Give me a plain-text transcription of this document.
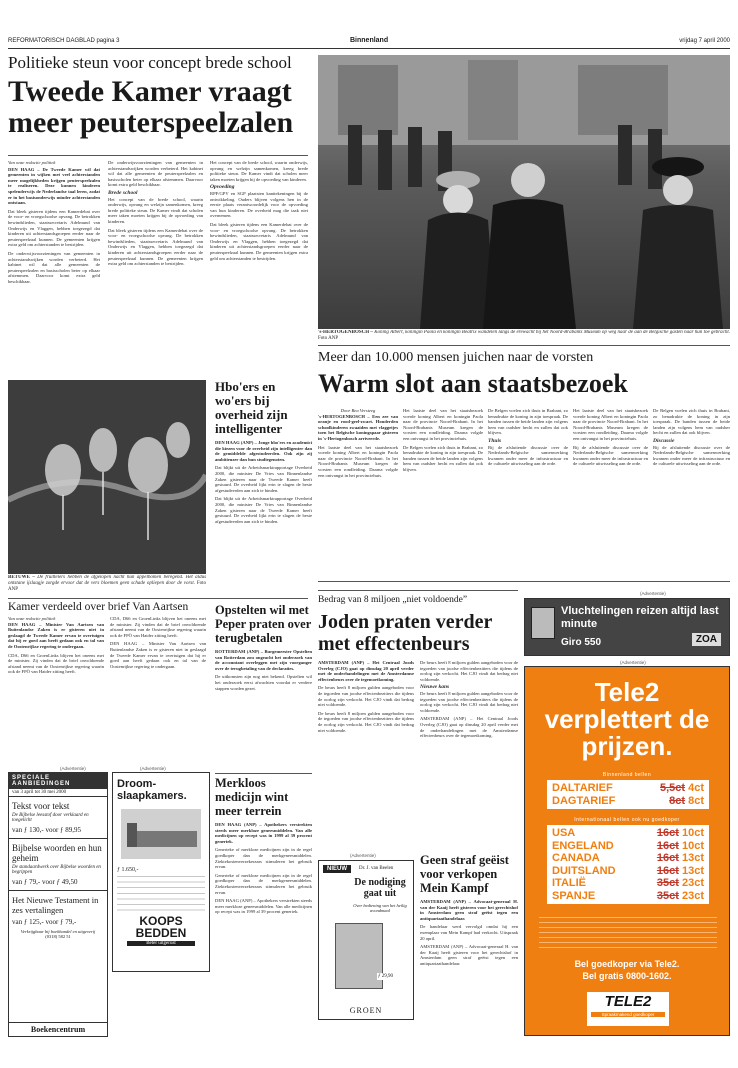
REFORMATORISCH DAGBLAD pagina 3	Binnenland	vrijdag 7 april 2000
Politieke steun voor concept brede school
Tweede Kamer vraagt meer peuterspeelzalen
Van onze redactie politiek
DEN HAAG – De Tweede Kamer wil dat gemeenten in wijken met veel achterstanden meer mogelijkheden krijgen peuterspeelzalen te realiseren. Deze kunnen kinderen spelenderwijs de Nederlandse taal leren, zodat er in het basisonderwijs minder achterstanden ontstaan.
Dat bleek gisteren tijdens een Kamerdebat over de voor- en vroegschoolse opvang. De betrokken bewindslieden, staatssecretaris Adelmund van Onderwijs en Vlaggen, hebben toegezegd dat kinderen uit achterstandsgroepen eerder naar de peuterspeelzaal kunnen. De gemeenten krijgen extra geld om achterstanden te bestrijden.
De onderwijsvoorzieningen van gemeenten in achterstandswijken worden verbeterd. Het kabinet wil dat alle gemeenten de peuterspeelzalen en basisscholen beter op elkaar afstemmen. Daarvoor komt extra geld beschikbaar.
De onderwijsvoorzieningen van gemeenten in achterstandswijken worden verbeterd. Het kabinet wil dat alle gemeenten de peuterspeelzalen en basisscholen beter op elkaar afstemmen. Daarvoor komt extra geld beschikbaar.
Brede school
Het concept van de brede school, waarin onderwijs, opvang en welzijn samenkomen, kreeg brede politieke steun. De Kamer vindt dat scholen meer taken moeten krijgen bij de opvoeding van kinderen.
Dat bleek gisteren tijdens een Kamerdebat over de voor- en vroegschoolse opvang. De betrokken bewindslieden, staatssecretaris Adelmund van Onderwijs en Vlaggen, hebben toegezegd dat kinderen uit achterstandsgroepen eerder naar de peuterspeelzaal kunnen. De gemeenten krijgen extra geld om achterstanden te bestrijden.
Het concept van de brede school, waarin onderwijs, opvang en welzijn samenkomen, kreeg brede politieke steun. De Kamer vindt dat scholen meer taken moeten krijgen bij de opvoeding van kinderen.
Opvoeding
RPF/GPV en SGP plaatsten kanttekeningen bij de ontwikkeling. Ouders blijven volgens hen in de eerste plaats verantwoordelijk voor de opvoeding van hun kinderen. De overheid mag die taak niet overnemen.
Dat bleek gisteren tijdens een Kamerdebat over de voor- en vroegschoolse opvang. De betrokken bewindslieden, staatssecretaris Adelmund van Onderwijs en Vlaggen, hebben toegezegd dat kinderen uit achterstandsgroepen eerder naar de peuterspeelzaal kunnen. De gemeenten krijgen extra geld om achterstanden te bestrijden.
's-HERTOGENBOSCH – Koning Albert, koningin Paola en koningin Beatrix wandelen langs de erewacht bij het Noord-Brabants Museum op weg naar de aan de Belgische gasten naar hun toe gebracht. Foto ANP
Meer dan 10.000 mensen juichen naar de vorsten
Warm slot aan staatsbezoek
Door Bea Versteeg
's-HERTOGENBOSCH – Een zee van oranje en rood-geel-zwart. Honderden schoolkinderen zwaaiden met vlaggetjes toen het Belgische koningspaar gisteren in 's-Hertogenbosch arriveerde.
Het laatste deel van het staatsbezoek voerde koning Albert en koningin Paola naar de provincie Noord-Brabant. In het Noord-Brabants Museum kregen de vorsten een rondleiding. Daarna volgde een ontvangst in het provinciehuis.
Het laatste deel van het staatsbezoek voerde koning Albert en koningin Paola naar de provincie Noord-Brabant. In het Noord-Brabants Museum kregen de vorsten een rondleiding. Daarna volgde een ontvangst in het provinciehuis.
De Belgen voelen zich thuis in Brabant, zo benadrukte de koning in zijn toespraak. De banden tussen de beide landen zijn volgens hem van oudsher hecht en zullen dat ook blijven.
De Belgen voelen zich thuis in Brabant, zo benadrukte de koning in zijn toespraak. De banden tussen de beide landen zijn volgens hem van oudsher hecht en zullen dat ook blijven.
Thuis
Bij de afsluitende discussie over de Nederlands-Belgische samenwerking kwamen onder meer de infrastructuur en de culturele uitwisseling aan de orde.
Het laatste deel van het staatsbezoek voerde koning Albert en koningin Paola naar de provincie Noord-Brabant. In het Noord-Brabants Museum kregen de vorsten een rondleiding. Daarna volgde een ontvangst in het provinciehuis.
Bij de afsluitende discussie over de Nederlands-Belgische samenwerking kwamen onder meer de infrastructuur en de culturele uitwisseling aan de orde.
De Belgen voelen zich thuis in Brabant, zo benadrukte de koning in zijn toespraak. De banden tussen de beide landen zijn volgens hem van oudsher hecht en zullen dat ook blijven.
Discussie
Bij de afsluitende discussie over de Nederlands-Belgische samenwerking kwamen onder meer de infrastructuur en de culturele uitwisseling aan de orde.
BETUWE – De fruittelers hebben de afgelopen nacht hun appelbomen beregend. Het aldus ontstane ijslaagje zorgde ervoor dat de vers bloemen geen schade opliepen door de vorst. Foto ANP
Hbo'ers en wo'ers bij overheid zijn intelligenter
DEN HAAG (ANP) – Jonge hbo'ers en academici die kiezen voor de overheid zijn intelligenter dan de gemiddelde afgestudeerden. Ook zijn zij ambitieuzer dan hun studiegenoten.
Dat blijkt uit de Arbeidsmarktrapportage Overheid 2000, die minister De Vries van Binnenlandse Zaken gisteren naar de Tweede Kamer heeft gestuurd. De overheid lijkt erin te slagen de beste afgestudeerden aan zich te binden.
Dat blijkt uit de Arbeidsmarktrapportage Overheid 2000, die minister De Vries van Binnenlandse Zaken gisteren naar de Tweede Kamer heeft gestuurd. De overheid lijkt erin te slagen de beste afgestudeerden aan zich te binden.
Kamer verdeeld over brief Van Aartsen
Van onze redactie politiek
DEN HAAG – Minister Van Aartsen van Buitenlandse Zaken is er gisteren niet in geslaagd de Tweede Kamer ervan te overtuigen dat hij er goed aan heeft gedaan ook en tal van de Oostenrijkse regering te ondergaan.
CDA, D66 en GroenLinks blijven het oneens met de minister. Zij vinden dat de brief onvoldoende afstand neemt van de Oostenrijkse regering waarin ook de FPÖ van Haider zitting heeft.
CDA, D66 en GroenLinks blijven het oneens met de minister. Zij vinden dat de brief onvoldoende afstand neemt van de Oostenrijkse regering waarin ook de FPÖ van Haider zitting heeft.
DEN HAAG – Minister Van Aartsen van Buitenlandse Zaken is er gisteren niet in geslaagd de Tweede Kamer ervan te overtuigen dat hij er goed aan heeft gedaan ook en tal van de Oostenrijkse regering te ondergaan.
Opstelten wil met Peper praten over terugbetalen
ROTTERDAM (ANP) – Burgemeester Opstelten van Rotterdam zou ongeacht het onderzoek van de accountant overleggen met zijn voorganger over de terugbetaling van de declaraties.
De uitkomsten zijn nog niet bekend. Opstelten wil het onderzoek eerst afwachten voordat er verdere stappen worden gezet.
Merkloos medicijn wint meer terrein
DEN HAAG (ANP) – Apothekers verstrekten steeds meer merkloze geneesmiddelen. Van alle medicijnen op recept was in 1999 al 39 procent generiek.
Generieke of merkloze medicijnen zijn in de regel goedkoper dan de merkgeneesmiddelen. Ziektekostenverzekeraars stimuleren het gebruik ervan.
Generieke of merkloze medicijnen zijn in de regel goedkoper dan de merkgeneesmiddelen. Ziektekostenverzekeraars stimuleren het gebruik ervan.
DEN HAAG (ANP) – Apothekers verstrekten steeds meer merkloze geneesmiddelen. Van alle medicijnen op recept was in 1999 al 39 procent generiek.
(Advertentie)
SPECIALE AANBIEDINGEN
van 3 april tot 30 mei 2000
Tekst voor tekst
De Bijbelse leesstof door verklaard en toegelicht
van ƒ 130,- voor ƒ 89,95
Bijbelse woorden en hun geheim
De standaardwerk over Bijbelse woorden en begrippen
van ƒ 79,- voor ƒ 49,50
Het Nieuwe Testament in zes vertalingen
van ƒ 125,- voor ƒ 79,-
Verkrijgbaar bij boekhandel en uitgeverij
(0318) 582 51
Boekencentrum
(Advertentie)
Droom-slaapkamers.
ƒ 1.650,-
KOOPS BEDDEN
Beter uitgerust
Bedrag van 8 miljoen „niet voldoende”
Joden praten verder met effectenbeurs
AMSTERDAM (ANP) – Het Centraal Joods Overleg (CJO) gaat op dinsdag 20 april verder met de onderhandelingen met de Amsterdamse effectenbeurs over de tegemoetkoming.
De beurs heeft 8 miljoen gulden aangeboden voor de tegoeden van joodse effectenbezitters die tijdens de oorlog zijn verkocht. Het CJO vindt dat bedrag niet voldoende.
De beurs heeft 8 miljoen gulden aangeboden voor de tegoeden van joodse effectenbezitters die tijdens de oorlog zijn verkocht. Het CJO vindt dat bedrag niet voldoende.
De beurs heeft 8 miljoen gulden aangeboden voor de tegoeden van joodse effectenbezitters die tijdens de oorlog zijn verkocht. Het CJO vindt dat bedrag niet voldoende.
Nieuwe kans
De beurs heeft 8 miljoen gulden aangeboden voor de tegoeden van joodse effectenbezitters die tijdens de oorlog zijn verkocht. Het CJO vindt dat bedrag niet voldoende.
AMSTERDAM (ANP) – Het Centraal Joods Overleg (CJO) gaat op dinsdag 20 april verder met de onderhandelingen met de Amsterdamse effectenbeurs over de tegemoetkoming.
(Advertentie)
NIEUW	Dr. J. van Beelen
De nodiging gaat uit
Over bediening van het heilig avondmaal
ƒ 29,90
GROEN
Geen straf geëist voor verkopen Mein Kampf
AMSTERDAM (ANP) – Advocaat-generaal H. van der Kaaij heeft gisteren voor het gerechtshof in Amsterdam geen straf geëist tegen een antiquariaathandelaar.
De handelaar werd vervolgd omdat hij een exemplaar van Mein Kampf had verkocht. Uitspraak 20 april.
AMSTERDAM (ANP) – Advocaat-generaal H. van der Kaaij heeft gisteren voor het gerechtshof in Amsterdam geen straf geëist tegen een antiquariaathandelaar.
(Advertentie)
Vluchtelingen reizen altijd last minute
Giro 550	ZOA
(Advertentie)
Tele2 verplettert de prijzen.
Binnenland bellen
DALTARIEF	5,5ct 4ct
DAGTARIEF	8ct 8ct
Internationaal bellen ook nu goedkoper
USA	16ct 10ct
ENGELAND	16ct 10ct
CANADA	16ct 13ct
DUITSLAND	16ct 13ct
ITALIË	35ct 23ct
SPANJE	35ct 23ct
Bel goedkoper via Tele2.
Bel gratis 0800-1602.
TELE2
Spraakmakend goedkoper
